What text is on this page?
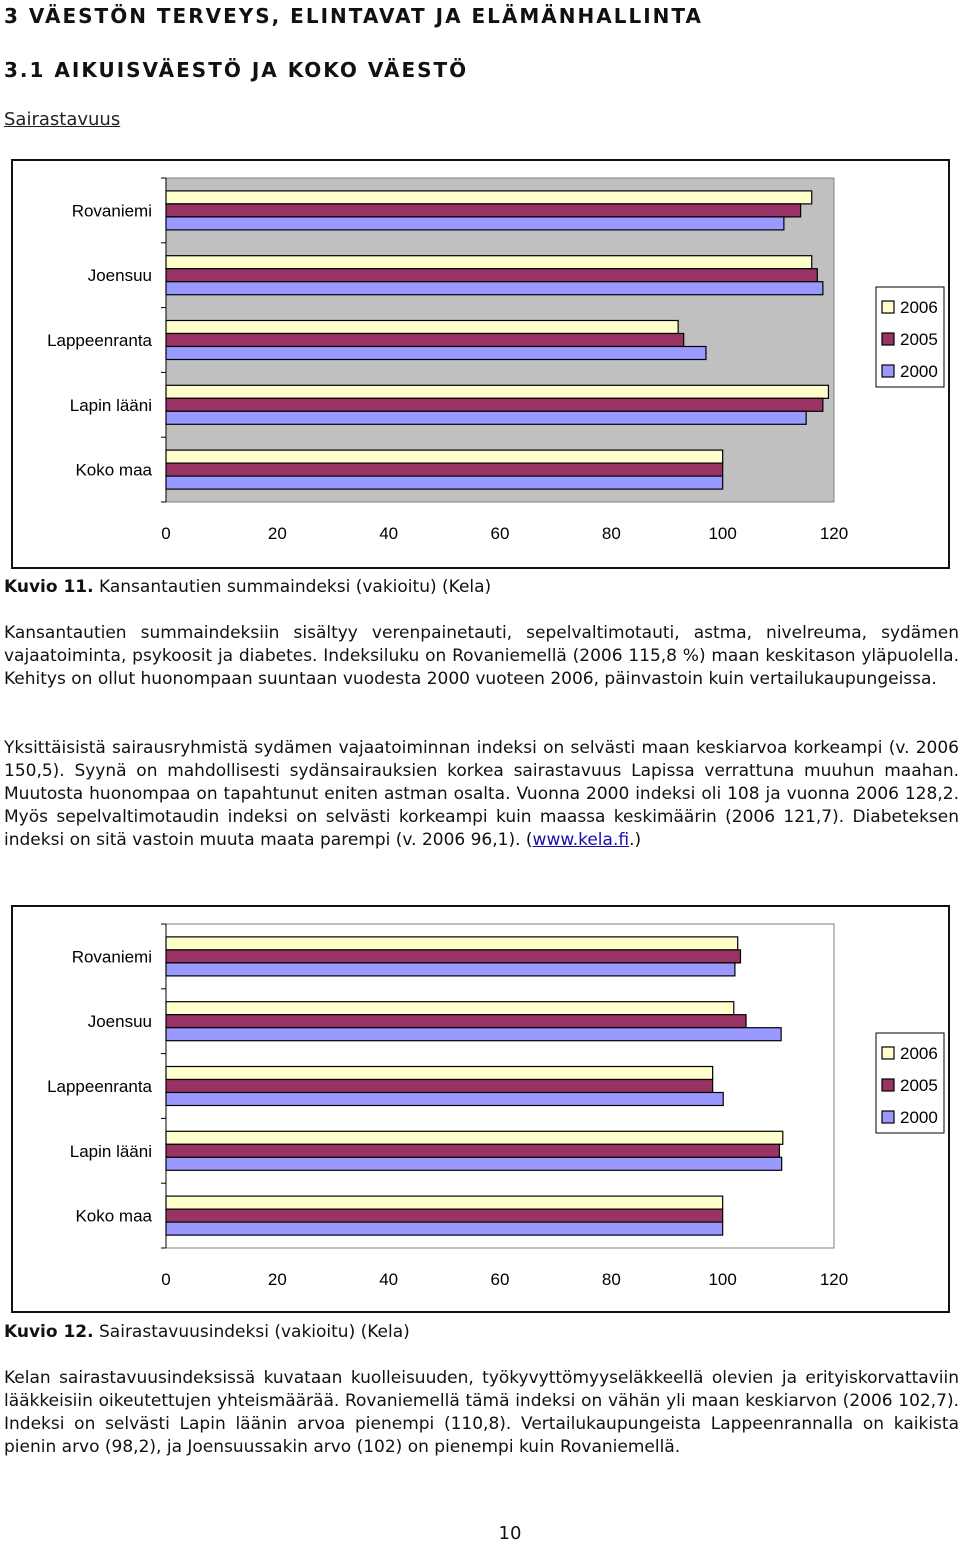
3 VÄESTÖN TERVEYS, ELINTAVAT JA ELÄMÄNHALLINTA
3.1 AIKUISVÄESTÖ JA KOKO VÄESTÖ
Sairastavuus
Rovaniemi
Joensuu
Lappeenranta
Lapin lääni
Koko maa
0	20	40	60	80	100	120
2006
2005
2000
Kuvio 11. Kansantautien summaindeksi (vakioitu) (Kela)

Kansantautien summaindeksiin sisältyy verenpainetauti, sepelvaltimotauti, astma, nivelreuma, sydämen vajaatoiminta, psykoosit ja diabetes. Indeksiluku on Rovaniemellä (2006 115,8 %) maan keskitason yläpuolella. Kehitys on ollut huonompaan suuntaan vuodesta 2000 vuoteen 2006, päinvastoin kuin vertailukaupungeissa.

Yksittäisistä sairausryhmistä sydämen vajaatoiminnan indeksi on selvästi maan keskiarvoa korkeampi (v. 2006 150,5). Syynä on mahdollisesti sydänsairauksien korkea sairastavuus Lapissa verrattuna muuhun maahan. Muutosta huonompaa on tapahtunut eniten astman osalta. Vuonna 2000 indeksi oli 108 ja vuonna 2006 128,2. Myös sepelvaltimotaudin indeksi on selvästi korkeampi kuin maassa keskimäärin (2006 121,7). Diabeteksen indeksi on sitä vastoin muuta maata parempi (v. 2006 96,1). (www.kela.fi.)

Rovaniemi
Joensuu
Lappeenranta
Lapin lääni
Koko maa
0	20	40	60	80	100	120
2006
2005
2000
Kuvio 12. Sairastavuusindeksi (vakioitu) (Kela)

Kelan sairastavuusindeksissä kuvataan kuolleisuuden, työkyvyttömyyseläkkeellä olevien ja erityiskorvattaviin lääkkeisiin oikeutettujen yhteismäärää. Rovaniemellä tämä indeksi on vähän yli maan keskiarvon (2006 102,7). Indeksi on selvästi Lapin läänin arvoa pienempi (110,8). Vertailukaupungeista Lappeenrannalla on kaikista pienin arvo (98,2), ja Joensuussakin arvo (102) on pienempi kuin Rovaniemellä.

10
